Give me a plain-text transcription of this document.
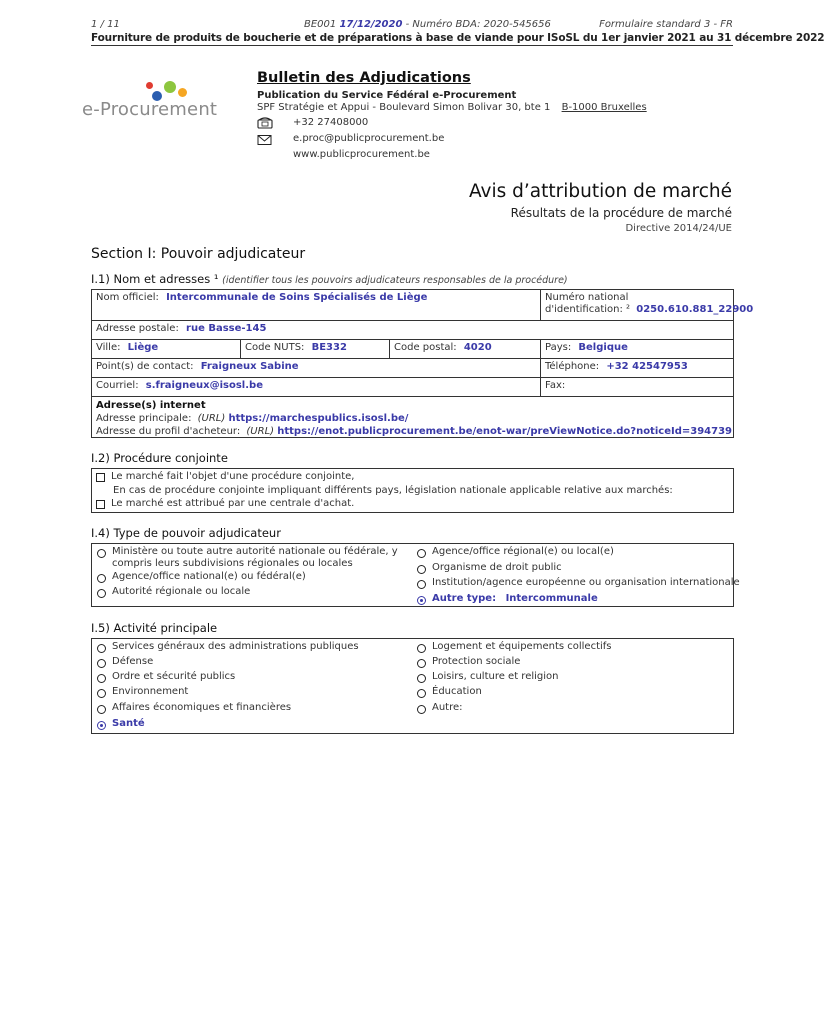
1 / 11	BE001 17/12/2020 - Numéro BDA: 2020-545656	Formulaire standard 3 - FR
Fourniture de produits de boucherie et de préparations à base de viande pour ISoSL du 1er janvier 2021 au 31 décembre 2022
e-Procurement
Bulletin des Adjudications
Publication du Service Fédéral e-Procurement
SPF Stratégie et Appui - Boulevard Simon Bolivar 30, bte 1 B-1000 Bruxelles
+32 27408000
e.proc@publicprocurement.be
www.publicprocurement.be
Avis d’attribution de marché
Résultats de la procédure de marché
Directive 2014/24/UE
Section I: Pouvoir adjudicateur
I.1) Nom et adresses ¹ (identifier tous les pouvoirs adjudicateurs responsables de la procédure)
Nom officiel: Intercommunale de Soins Spécialisés de Liège	Numéro national
d'identification: ² 0250.610.881_22900
Adresse postale: rue Basse-145
Ville: Liège	Code NUTS: BE332	Code postal: 4020	Pays: Belgique
Point(s) de contact: Fraigneux Sabine	Téléphone: +32 42547953
Courriel: s.fraigneux@isosl.be	Fax:
Adresse(s) internet
Adresse principale: (URL) https://marchespublics.isosl.be/
Adresse du profil d'acheteur: (URL) https://enot.publicprocurement.be/enot-war/preViewNotice.do?noticeId=394739
I.2) Procédure conjointe
Le marché fait l'objet d'une procédure conjointe,
En cas de procédure conjointe impliquant différents pays, législation nationale applicable relative aux marchés:
Le marché est attribué par une centrale d'achat.
I.4) Type de pouvoir adjudicateur
Ministère ou toute autre autorité nationale ou fédérale, y
compris leurs subdivisions régionales ou locales
Agence/office national(e) ou fédéral(e)
Autorité régionale ou locale
Agence/office régional(e) ou local(e)
Organisme de droit public
Institution/agence européenne ou organisation internationale
Autre type: Intercommunale
I.5) Activité principale
Services généraux des administrations publiques
Défense
Ordre et sécurité publics
Environnement
Affaires économiques et financières
Santé
Logement et équipements collectifs
Protection sociale
Loisirs, culture et religion
Éducation
Autre:
